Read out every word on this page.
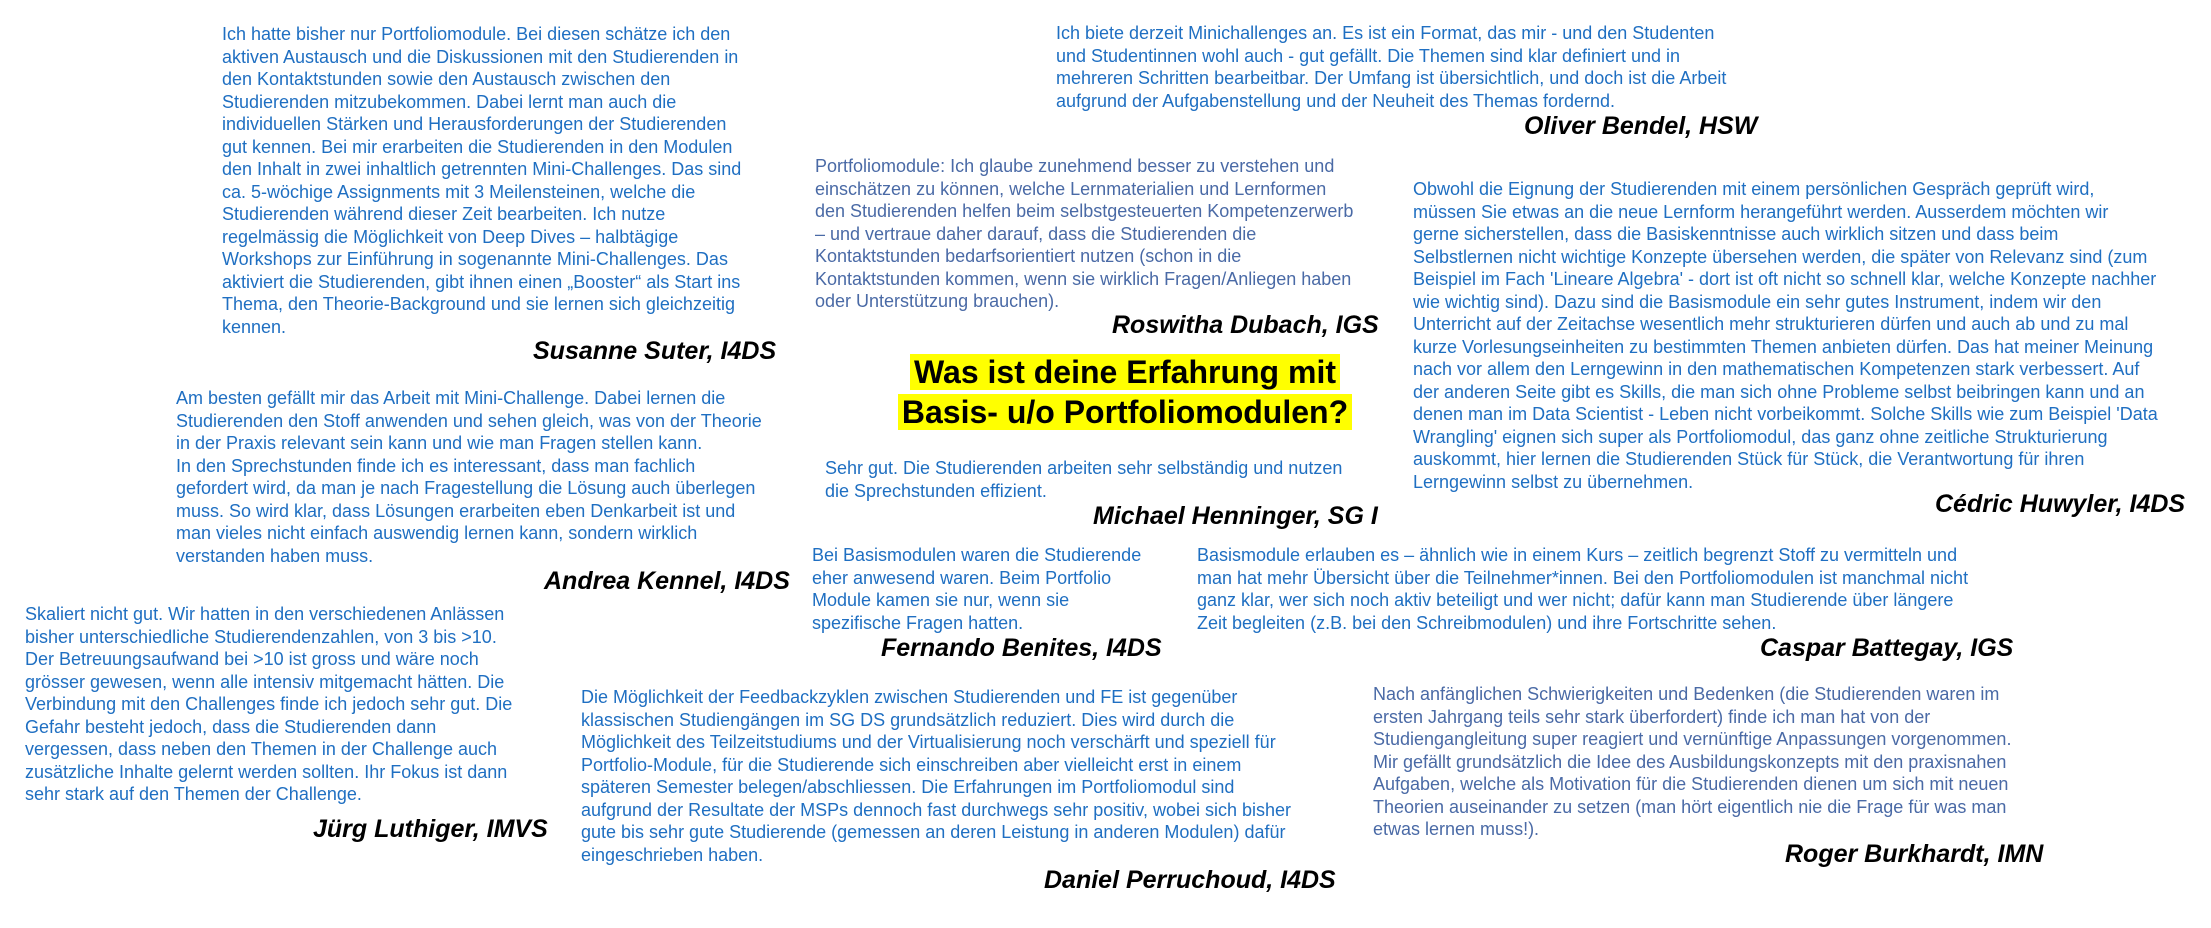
Was ist deine Erfahrung mit
Basis- u/o Portfoliomodulen?

Ich hatte bisher nur Portfoliomodule. Bei diesen schätze ich den
aktiven Austausch und die Diskussionen mit den Studierenden in
den Kontaktstunden sowie den Austausch zwischen den
Studierenden mitzubekommen. Dabei lernt man auch die
individuellen Stärken und Herausforderungen der Studierenden
gut kennen. Bei mir erarbeiten die Studierenden in den Modulen
den Inhalt in zwei inhaltlich getrennten Mini-Challenges. Das sind
ca. 5-wöchige Assignments mit 3 Meilensteinen, welche die
Studierenden während dieser Zeit bearbeiten. Ich nutze
regelmässig die Möglichkeit von Deep Dives – halbtägige
Workshops zur Einführung in sogenannte Mini-Challenges. Das
aktiviert die Studierenden, gibt ihnen einen „Booster“ als Start ins
Thema, den Theorie-Background und sie lernen sich gleichzeitig
kennen.

Susanne Suter, I4DS

Ich biete derzeit Minichallenges an. Es ist ein Format, das mir - und den Studenten
und Studentinnen wohl auch - gut gefällt. Die Themen sind klar definiert und in
mehreren Schritten bearbeitbar. Der Umfang ist übersichtlich, und doch ist die Arbeit
aufgrund der Aufgabenstellung und der Neuheit des Themas fordernd.

Oliver Bendel, HSW

Portfoliomodule: Ich glaube zunehmend besser zu verstehen und
einschätzen zu können, welche Lernmaterialien und Lernformen
den Studierenden helfen beim selbstgesteuerten Kompetenzerwerb
– und vertraue daher darauf, dass die Studierenden die
Kontaktstunden bedarfsorientiert nutzen (schon in die
Kontaktstunden kommen, wenn sie wirklich Fragen/Anliegen haben
oder Unterstützung brauchen).

Roswitha Dubach, IGS

Obwohl die Eignung der Studierenden mit einem persönlichen Gespräch geprüft wird,
müssen Sie etwas an die neue Lernform herangeführt werden. Ausserdem möchten wir
gerne sicherstellen, dass die Basiskenntnisse auch wirklich sitzen und dass beim
Selbstlernen nicht wichtige Konzepte übersehen werden, die später von Relevanz sind (zum
Beispiel im Fach 'Lineare Algebra' - dort ist oft nicht so schnell klar, welche Konzepte nachher
wie wichtig sind). Dazu sind die Basismodule ein sehr gutes Instrument, indem wir den
Unterricht auf der Zeitachse wesentlich mehr strukturieren dürfen und auch ab und zu mal
kurze Vorlesungseinheiten zu bestimmten Themen anbieten dürfen. Das hat meiner Meinung
nach vor allem den Lerngewinn in den mathematischen Kompetenzen stark verbessert. Auf
der anderen Seite gibt es Skills, die man sich ohne Probleme selbst beibringen kann und an
denen man im Data Scientist - Leben nicht vorbeikommt. Solche Skills wie zum Beispiel 'Data
Wrangling' eignen sich super als Portfoliomodul, das ganz ohne zeitliche Strukturierung
auskommt, hier lernen die Studierenden Stück für Stück, die Verantwortung für ihren
Lerngewinn selbst zu übernehmen.

Cédric Huwyler, I4DS

Am besten gefällt mir das Arbeit mit Mini-Challenge. Dabei lernen die
Studierenden den Stoff anwenden und sehen gleich, was von der Theorie
in der Praxis relevant sein kann und wie man Fragen stellen kann.
In den Sprechstunden finde ich es interessant, dass man fachlich
gefordert wird, da man je nach Fragestellung die Lösung auch überlegen
muss. So wird klar, dass Lösungen erarbeiten eben Denkarbeit ist und
man vieles nicht einfach auswendig lernen kann, sondern wirklich
verstanden haben muss.

Andrea Kennel, I4DS

Sehr gut. Die Studierenden arbeiten sehr selbständig und nutzen
die Sprechstunden effizient.

Michael Henninger, SG I

Bei Basismodulen waren die Studierende
eher anwesend waren. Beim Portfolio
Module kamen sie nur, wenn sie
spezifische Fragen hatten.

Fernando Benites, I4DS

Basismodule erlauben es – ähnlich wie in einem Kurs – zeitlich begrenzt Stoff zu vermitteln und
man hat mehr Übersicht über die Teilnehmer*innen. Bei den Portfoliomodulen ist manchmal nicht
ganz klar, wer sich noch aktiv beteiligt und wer nicht; dafür kann man Studierende über längere
Zeit begleiten (z.B. bei den Schreibmodulen) und ihre Fortschritte sehen.

Caspar Battegay, IGS

Skaliert nicht gut. Wir hatten in den verschiedenen Anlässen
bisher unterschiedliche Studierendenzahlen, von 3 bis >10.
Der Betreuungsaufwand bei >10 ist gross und wäre noch
grösser gewesen, wenn alle intensiv mitgemacht hätten. Die
Verbindung mit den Challenges finde ich jedoch sehr gut. Die
Gefahr besteht jedoch, dass die Studierenden dann
vergessen, dass neben den Themen in der Challenge auch
zusätzliche Inhalte gelernt werden sollten. Ihr Fokus ist dann
sehr stark auf den Themen der Challenge.

Jürg Luthiger, IMVS

Die Möglichkeit der Feedbackzyklen zwischen Studierenden und FE ist gegenüber
klassischen Studiengängen im SG DS grundsätzlich reduziert. Dies wird durch die
Möglichkeit des Teilzeitstudiums und der Virtualisierung noch verschärft und speziell für
Portfolio-Module, für die Studierende sich einschreiben aber vielleicht erst in einem
späteren Semester belegen/abschliessen. Die Erfahrungen im Portfoliomodul sind
aufgrund der Resultate der MSPs dennoch fast durchwegs sehr positiv, wobei sich bisher
gute bis sehr gute Studierende (gemessen an deren Leistung in anderen Modulen) dafür
eingeschrieben haben.

Daniel Perruchoud, I4DS

Nach anfänglichen Schwierigkeiten und Bedenken (die Studierenden waren im
ersten Jahrgang teils sehr stark überfordert) finde ich man hat von der
Studiengangleitung super reagiert und vernünftige Anpassungen vorgenommen.
Mir gefällt grundsätzlich die Idee des Ausbildungskonzepts mit den praxisnahen
Aufgaben, welche als Motivation für die Studierenden dienen um sich mit neuen
Theorien auseinander zu setzen (man hört eigentlich nie die Frage für was man
etwas lernen muss!).

Roger Burkhardt, IMN
